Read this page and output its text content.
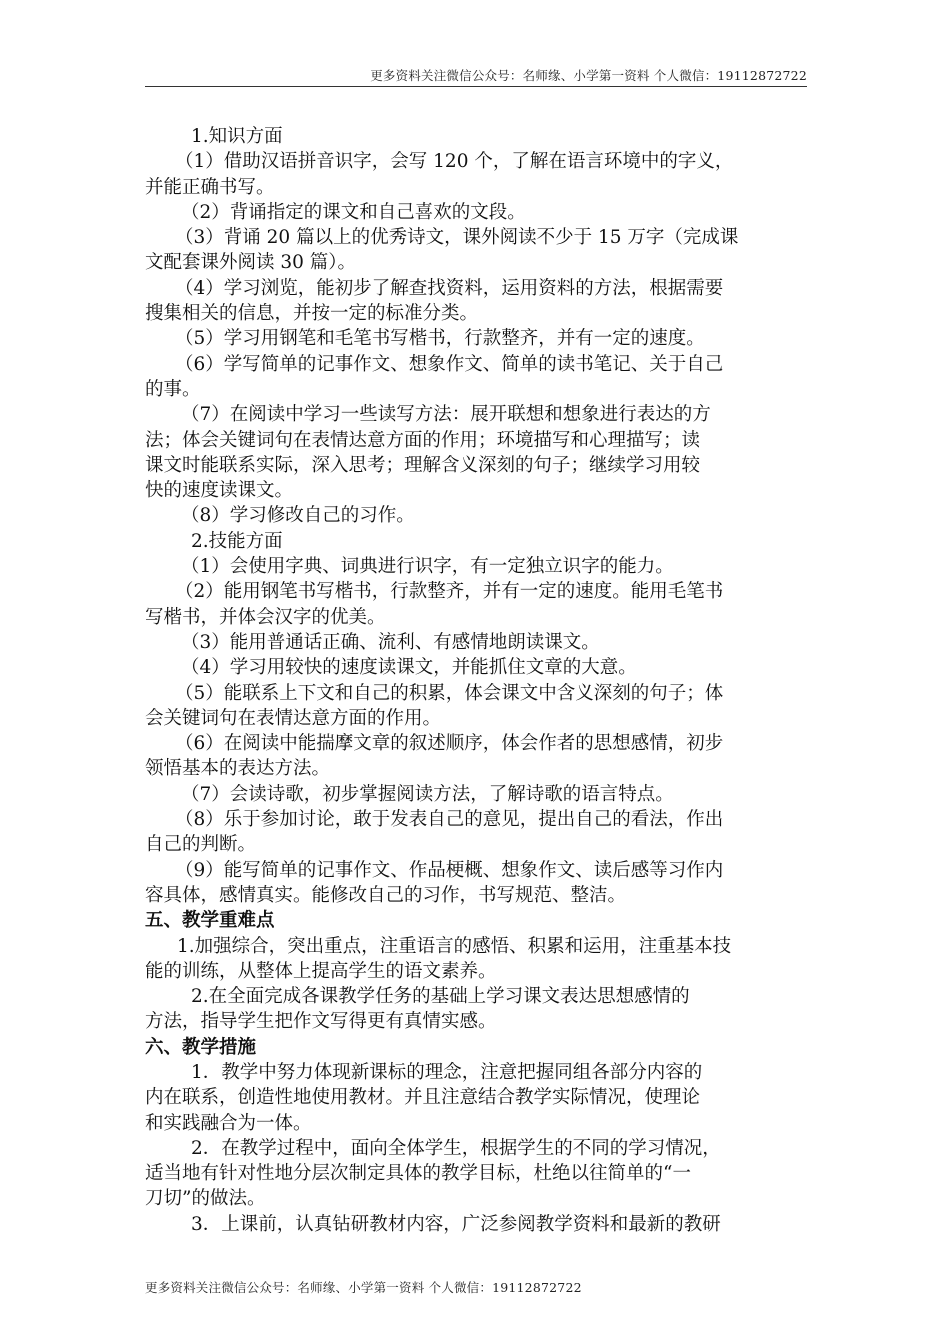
更多资料关注微信公众号：名师缘、小学第一资料 个人微信：19112872722
1.知识方面
（1）借助汉语拼音识字，会写 120 个，了解在语言环境中的字义，
并能正确书写。
（2）背诵指定的课文和自己喜欢的文段。
（3）背诵 20 篇以上的优秀诗文，课外阅读不少于 15 万字（完成课
文配套课外阅读 30 篇）。
（4）学习浏览，能初步了解查找资料，运用资料的方法，根据需要
搜集相关的信息，并按一定的标准分类。
（5）学习用钢笔和毛笔书写楷书，行款整齐，并有一定的速度。
（6）学写简单的记事作文、想象作文、简单的读书笔记、关于自己
的事。
（7）在阅读中学习一些读写方法：展开联想和想象进行表达的方
法；体会关键词句在表情达意方面的作用；环境描写和心理描写；读
课文时能联系实际，深入思考；理解含义深刻的句子；继续学习用较
快的速度读课文。
（8）学习修改自己的习作。
2.技能方面
（1）会使用字典、词典进行识字，有一定独立识字的能力。
（2）能用钢笔书写楷书，行款整齐，并有一定的速度。能用毛笔书
写楷书，并体会汉字的优美。
（3）能用普通话正确、流利、有感情地朗读课文。
（4）学习用较快的速度读课文，并能抓住文章的大意。
（5）能联系上下文和自己的积累，体会课文中含义深刻的句子；体
会关键词句在表情达意方面的作用。
（6）在阅读中能揣摩文章的叙述顺序，体会作者的思想感情，初步
领悟基本的表达方法。
（7）会读诗歌，初步掌握阅读方法，了解诗歌的语言特点。
（8）乐于参加讨论，敢于发表自己的意见，提出自己的看法，作出
自己的判断。
（9）能写简单的记事作文、作品梗概、想象作文、读后感等习作内
容具体，感情真实。能修改自己的习作，书写规范、整洁。
五、教学重难点
1.加强综合，突出重点，注重语言的感悟、积累和运用，注重基本技
能的训练，从整体上提高学生的语文素养。
2.在全面完成各课教学任务的基础上学习课文表达思想感情的
方法，指导学生把作文写得更有真情实感。
六、教学措施
1．教学中努力体现新课标的理念，注意把握同组各部分内容的
内在联系，创造性地使用教材。并且注意结合教学实际情况，使理论
和实践融合为一体。
2．在教学过程中，面向全体学生，根据学生的不同的学习情况，
适当地有针对性地分层次制定具体的教学目标，杜绝以往简单的“一
刀切”的做法。
3．上课前，认真钻研教材内容，广泛参阅教学资料和最新的教研
更多资料关注微信公众号：名师缘、小学第一资料 个人微信：19112872722
